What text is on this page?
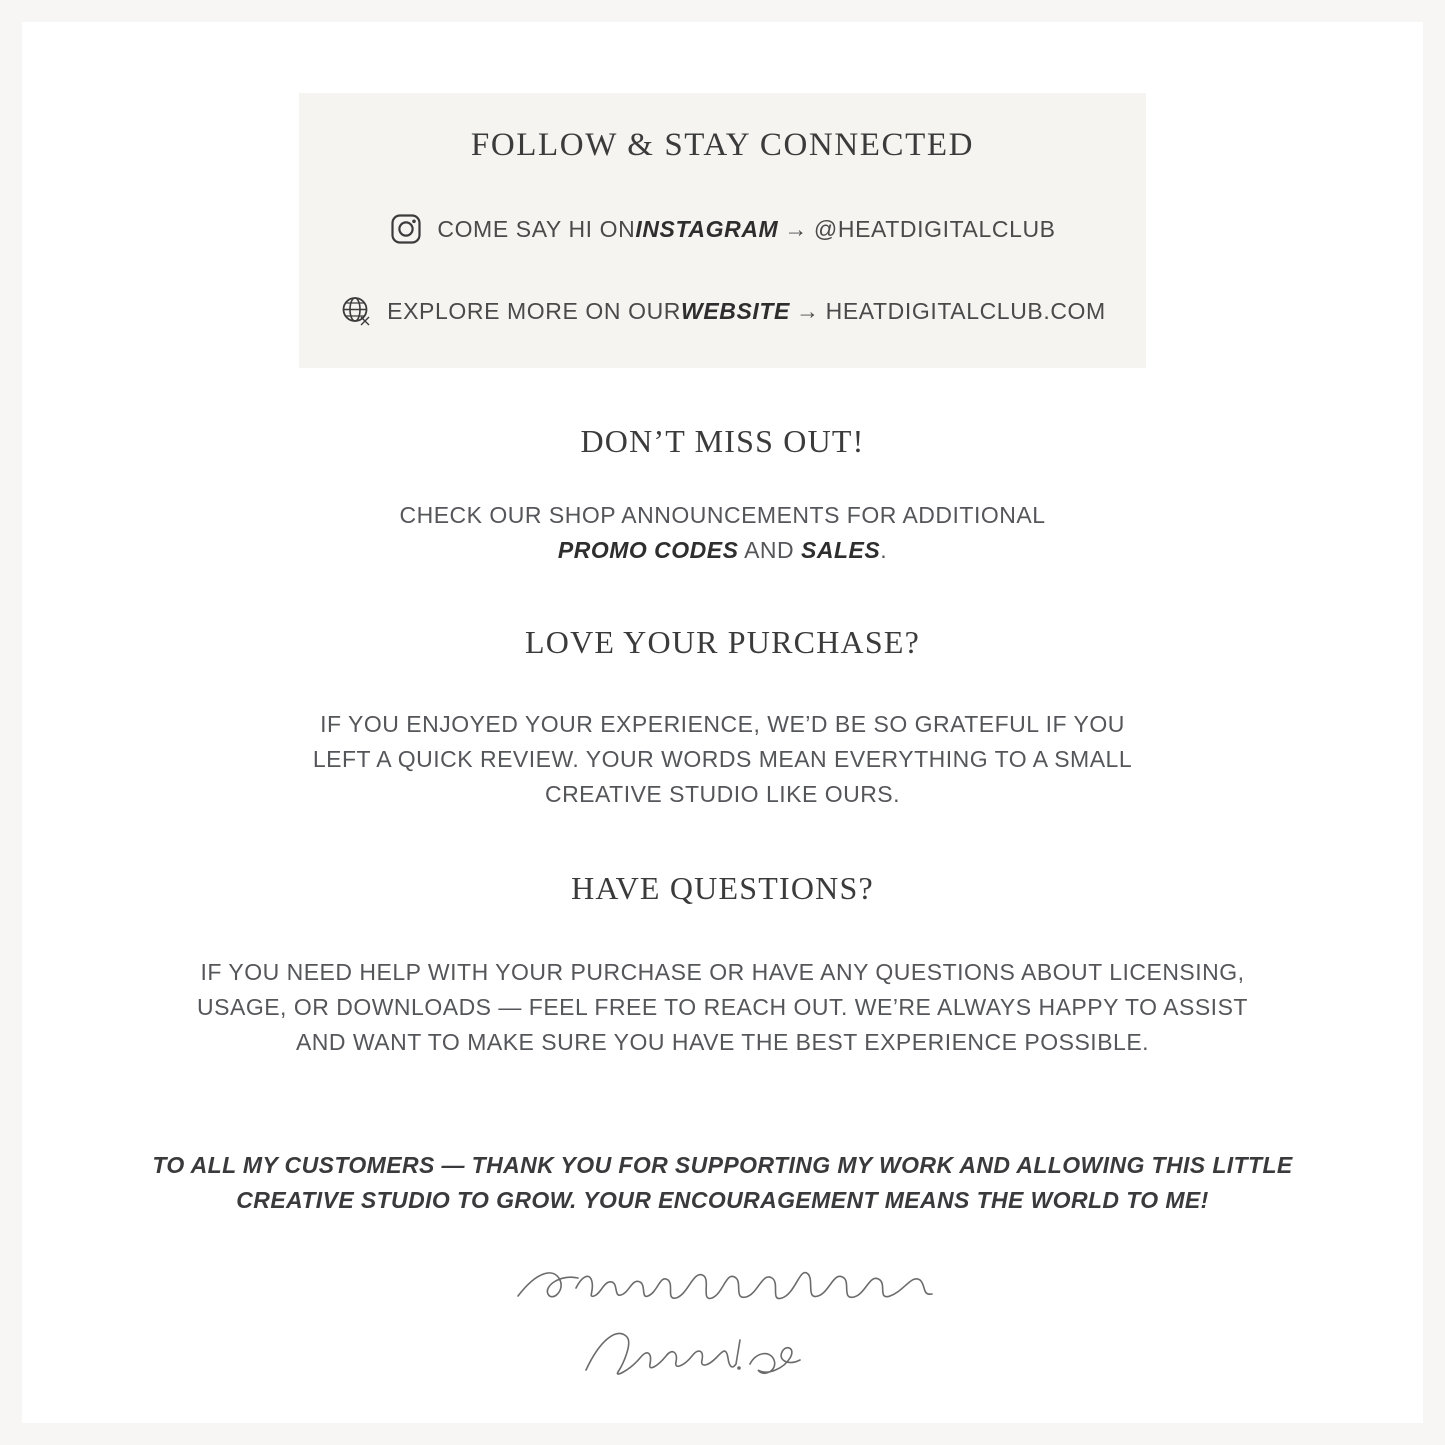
FOLLOW & STAY CONNECTED
COME SAY HI ON INSTAGRAM → @HEATDIGITALCLUB
EXPLORE MORE ON OUR WEBSITE → HEATDIGITALCLUB.COM
DON’T MISS OUT!
CHECK OUR SHOP ANNOUNCEMENTS FOR ADDITIONAL
PROMO CODES AND SALES.
LOVE YOUR PURCHASE?
IF YOU ENJOYED YOUR EXPERIENCE, WE’D BE SO GRATEFUL IF YOU LEFT A QUICK REVIEW. YOUR WORDS MEAN EVERYTHING TO A SMALL CREATIVE STUDIO LIKE OURS.
HAVE QUESTIONS?
IF YOU NEED HELP WITH YOUR PURCHASE OR HAVE ANY QUESTIONS ABOUT LICENSING, USAGE, OR DOWNLOADS — FEEL FREE TO REACH OUT. WE’RE ALWAYS HAPPY TO ASSIST AND WANT TO MAKE SURE YOU HAVE THE BEST EXPERIENCE POSSIBLE.
TO ALL MY CUSTOMERS — THANK YOU FOR SUPPORTING MY WORK AND ALLOWING THIS LITTLE CREATIVE STUDIO TO GROW. YOUR ENCOURAGEMENT MEANS THE WORLD TO ME!
